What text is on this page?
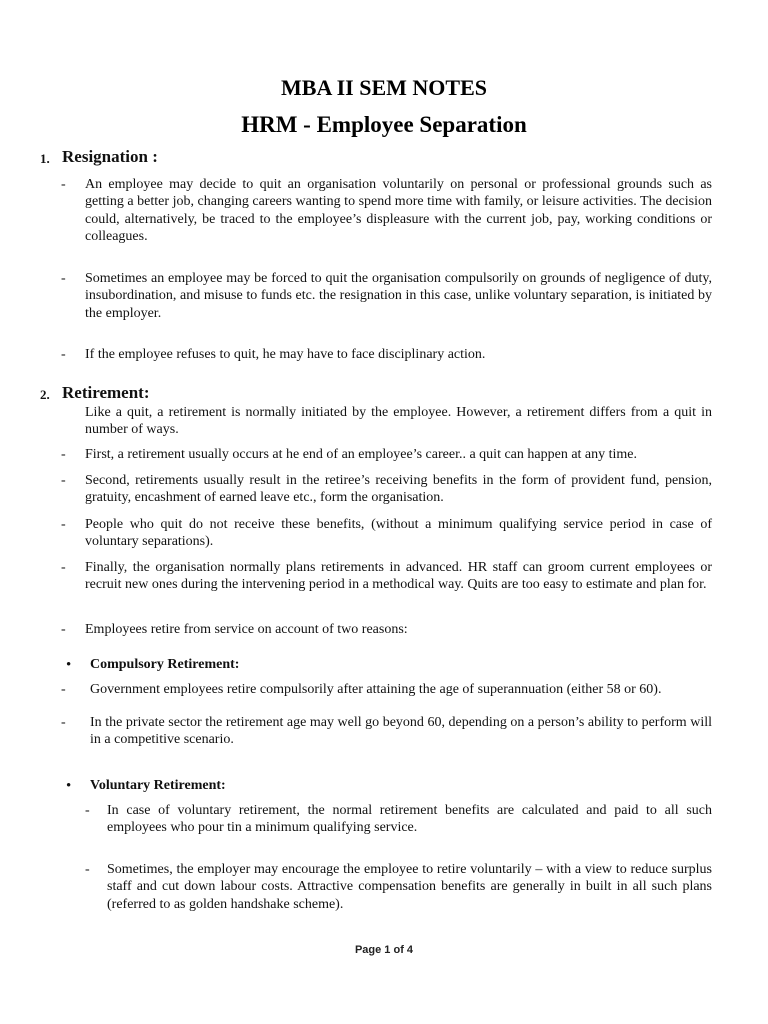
MBA II SEM NOTES
HRM - Employee Separation
1. Resignation :
- An employee may decide to quit an organisation voluntarily on personal or professional grounds such as getting a better job, changing careers wanting to spend more time with family, or leisure activities. The decision could, alternatively, be traced to the employee’s displeasure with the current job, pay, working conditions or colleagues.

- Sometimes an employee may be forced to quit the organisation compulsorily on grounds of negligence of duty, insubordination, and misuse to funds etc. the resignation in this case, unlike voluntary separation, is initiated by the employer.

- If the employee refuses to quit, he may have to face disciplinary action.

2. Retirement:

Like a quit, a retirement is normally initiated by the employee. However, a retirement differs from a quit in number of ways.

- First, a retirement usually occurs at he end of an employee’s career.. a quit can happen at any time.

- Second, retirements usually result in the retiree’s receiving benefits in the form of provident fund, pension, gratuity, encashment of earned leave etc., form the organisation.

- People who quit do not receive these benefits, (without a minimum qualifying service period in case of voluntary separations).

- Finally, the organisation normally plans retirements in advanced. HR staff can groom current employees or recruit new ones during the intervening period in a methodical way. Quits are too easy to estimate and plan for.

- Employees retire from service on account of two reasons:

• Compulsory Retirement:

- Government employees retire compulsorily after attaining the age of superannuation (either 58 or 60).

- In the private sector the retirement age may well go beyond 60, depending on a person’s ability to perform will in a competitive scenario.

• Voluntary Retirement:

- In case of voluntary retirement, the normal retirement benefits are calculated and paid to all such employees who pour tin a minimum qualifying service.

- Sometimes, the employer may encourage the employee to retire voluntarily – with a view to reduce surplus staff and cut down labour costs. Attractive compensation benefits are generally in built in all such plans (referred to as golden handshake scheme).

Page 1 of 4
